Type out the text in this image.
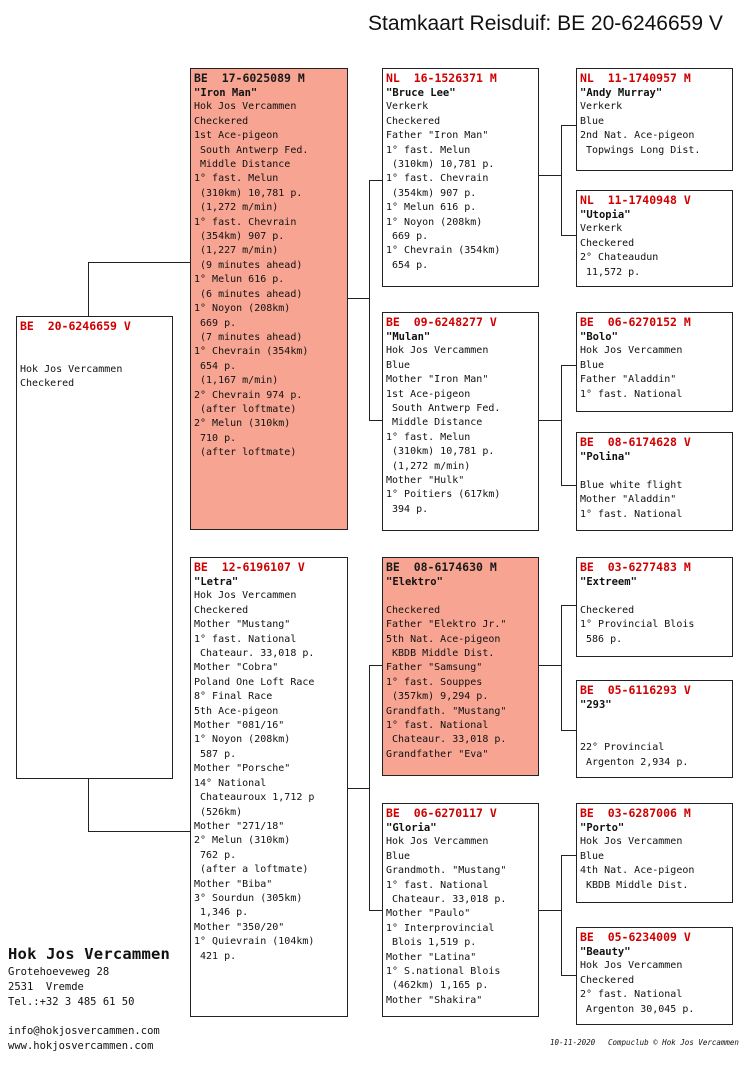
Stamkaart Reisduif: BE 20-6246659 V
BE  20-6246659 V
Hok Jos Vercammen
Checkered
BE  17-6025089 M
"Iron Man"
Hok Jos Vercammen
Checkered
1st Ace-pigeon
South Antwerp Fed.
Middle Distance
1° fast. Melun
(310km) 10,781 p.
(1,272 m/min)
1° fast. Chevrain
(354km) 907 p.
(1,227 m/min)
(9 minutes ahead)
1° Melun 616 p.
(6 minutes ahead)
1° Noyon (208km)
669 p.
(7 minutes ahead)
1° Chevrain (354km)
654 p.
(1,167 m/min)
2° Chevrain 974 p.
(after loftmate)
2° Melun (310km)
710 p.
(after loftmate)
BE  12-6196107 V
"Letra"
Hok Jos Vercammen
Checkered
Mother "Mustang"
1° fast. National
Chateaur. 33,018 p.
Mother "Cobra"
Poland One Loft Race
8° Final Race
5th Ace-pigeon
Mother "081/16"
1° Noyon (208km)
587 p.
Mother "Porsche"
14° National
Chateauroux 1,712 p
(526km)
Mother "271/18"
2° Melun (310km)
762 p.
(after a loftmate)
Mother "Biba"
3° Sourdun (305km)
1,346 p.
Mother "350/20"
1° Quievrain (104km)
421 p.
NL  16-1526371 M
"Bruce Lee"
Verkerk
Checkered
Father "Iron Man"
1° fast. Melun
(310km) 10,781 p.
1° fast. Chevrain
(354km) 907 p.
1° Melun 616 p.
1° Noyon (208km)
669 p.
1° Chevrain (354km)
654 p.
BE  09-6248277 V
"Mulan"
Hok Jos Vercammen
Blue
Mother "Iron Man"
1st Ace-pigeon
South Antwerp Fed.
Middle Distance
1° fast. Melun
(310km) 10,781 p.
(1,272 m/min)
Mother "Hulk"
1° Poitiers (617km)
394 p.
BE  08-6174630 M
"Elektro"
Checkered
Father "Elektro Jr."
5th Nat. Ace-pigeon
KBDB Middle Dist.
Father "Samsung"
1° fast. Souppes
(357km) 9,294 p.
Grandfath. "Mustang"
1° fast. National
Chateaur. 33,018 p.
Grandfather "Eva"
BE  06-6270117 V
"Gloria"
Hok Jos Vercammen
Blue
Grandmoth. "Mustang"
1° fast. National
Chateaur. 33,018 p.
Mother "Paulo"
1° Interprovincial
Blois 1,519 p.
Mother "Latina"
1° S.national Blois
(462km) 1,165 p.
Mother "Shakira"
NL  11-1740957 M
"Andy Murray"
Verkerk
Blue
2nd Nat. Ace-pigeon
Topwings Long Dist.
NL  11-1740948 V
"Utopia"
Verkerk
Checkered
2° Chateaudun
11,572 p.
BE  06-6270152 M
"Bolo"
Hok Jos Vercammen
Blue
Father "Aladdin"
1° fast. National
BE  08-6174628 V
"Polina"
Blue white flight
Mother "Aladdin"
1° fast. National
BE  03-6277483 M
"Extreem"
Checkered
1° Provincial Blois
586 p.
BE  05-6116293 V
"293"
22° Provincial
Argenton 2,934 p.
BE  03-6287006 M
"Porto"
Hok Jos Vercammen
Blue
4th Nat. Ace-pigeon
KBDB Middle Dist.
BE  05-6234009 V
"Beauty"
Hok Jos Vercammen
Checkered
2° fast. National
Argenton 30,045 p.
Hok Jos Vercammen
Grotehoeveweg 28
2531  Vremde
Tel.:+32 3 485 61 50
info@hokjosvercammen.com
www.hokjosvercammen.com	10-11-2020 Compuclub © Hok Jos Vercammen
